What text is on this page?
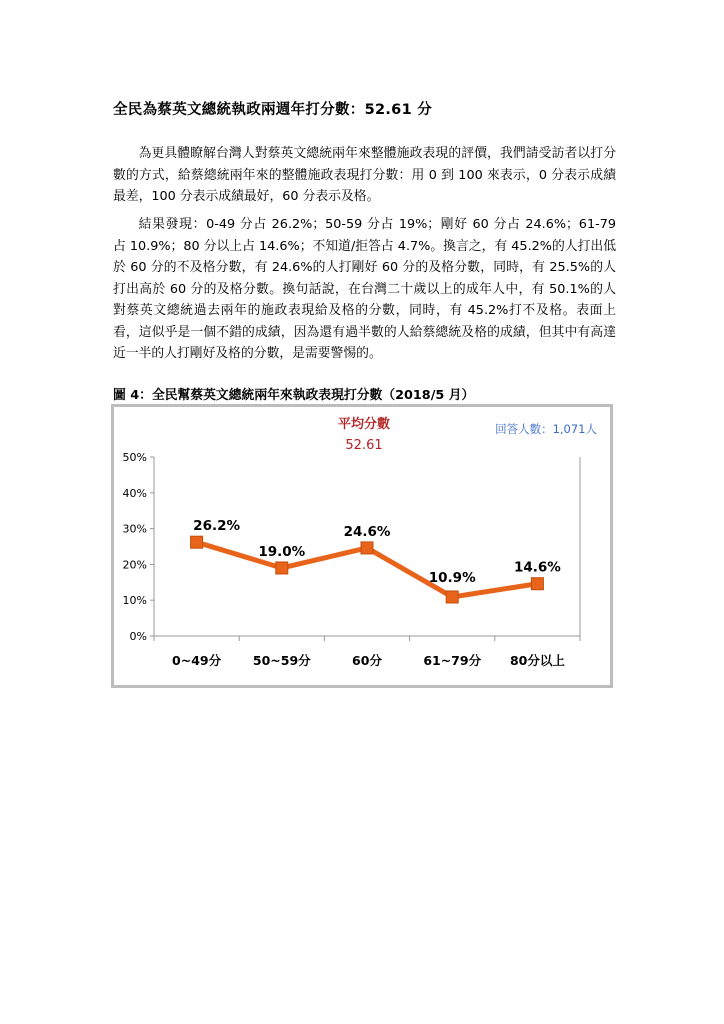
全民為蔡英文總統執政兩週年打分數：52.61 分

為更具體瞭解台灣人對蔡英文總統兩年來整體施政表現的評價，我們請受訪者以打分數的方式，給蔡總統兩年來的整體施政表現打分數：用 0 到 100 來表示，0 分表示成績最差，100 分表示成績最好，60 分表示及格。

結果發現：0-49 分占 26.2%；50-59 分占 19%；剛好 60 分占 24.6%；61-79 占 10.9%；80 分以上占 14.6%；不知道/拒答占 4.7%。換言之，有 45.2%的人打出低於 60 分的不及格分數，有 24.6%的人打剛好 60 分的及格分數，同時，有 25.5%的人打出高於 60 分的及格分數。換句話說，在台灣二十歲以上的成年人中，有 50.1%的人對蔡英文總統過去兩年的施政表現給及格的分數，同時，有 45.2%打不及格。表面上看，這似乎是一個不錯的成績，因為還有過半數的人給蔡總統及格的成績，但其中有高達近一半的人打剛好及格的分數，是需要警惕的。

圖 4：全民幫蔡英文總統兩年來執政表現打分數（2018/5 月）
平均分數
52.61
回答人數：1,071人
0%
10%
20%
30%
40%
50%
0~49分	50~59分	60分	61~79分 80分以上
26.2%
19.0%
24.6%
10.9%
14.6%
